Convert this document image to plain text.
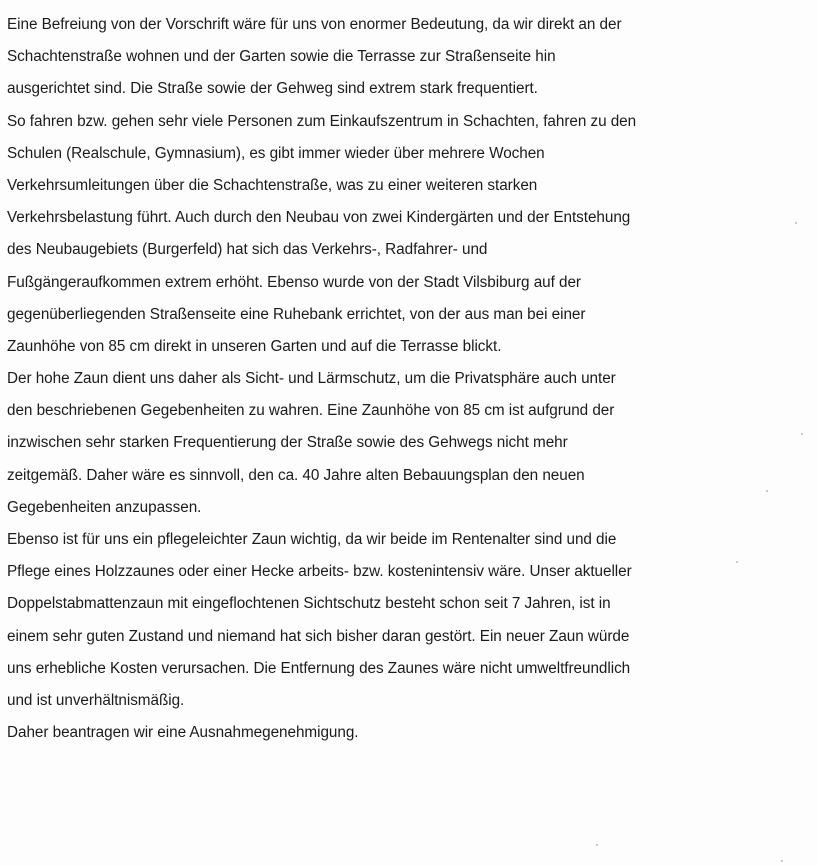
Eine Befreiung von der Vorschrift wäre für uns von enormer Bedeutung, da wir direkt an der
Schachtenstraße wohnen und der Garten sowie die Terrasse zur Straßenseite hin
ausgerichtet sind. Die Straße sowie der Gehweg sind extrem stark frequentiert.
So fahren bzw. gehen sehr viele Personen zum Einkaufszentrum in Schachten, fahren zu den
Schulen (Realschule, Gymnasium), es gibt immer wieder über mehrere Wochen
Verkehrsumleitungen über die Schachtenstraße, was zu einer weiteren starken
Verkehrsbelastung führt. Auch durch den Neubau von zwei Kindergärten und der Entstehung
des Neubaugebiets (Burgerfeld) hat sich das Verkehrs-, Radfahrer- und
Fußgängeraufkommen extrem erhöht. Ebenso wurde von der Stadt Vilsbiburg auf der
gegenüberliegenden Straßenseite eine Ruhebank errichtet, von der aus man bei einer
Zaunhöhe von 85 cm direkt in unseren Garten und auf die Terrasse blickt.
Der hohe Zaun dient uns daher als Sicht- und Lärmschutz, um die Privatsphäre auch unter
den beschriebenen Gegebenheiten zu wahren. Eine Zaunhöhe von 85 cm ist aufgrund der
inzwischen sehr starken Frequentierung der Straße sowie des Gehwegs nicht mehr
zeitgemäß. Daher wäre es sinnvoll, den ca. 40 Jahre alten Bebauungsplan den neuen
Gegebenheiten anzupassen.
Ebenso ist für uns ein pflegeleichter Zaun wichtig, da wir beide im Rentenalter sind und die
Pflege eines Holzzaunes oder einer Hecke arbeits- bzw. kostenintensiv wäre. Unser aktueller
Doppelstabmattenzaun mit eingeflochtenen Sichtschutz besteht schon seit 7 Jahren, ist in
einem sehr guten Zustand und niemand hat sich bisher daran gestört. Ein neuer Zaun würde
uns erhebliche Kosten verursachen. Die Entfernung des Zaunes wäre nicht umweltfreundlich
und ist unverhältnismäßig.
Daher beantragen wir eine Ausnahmegenehmigung.
